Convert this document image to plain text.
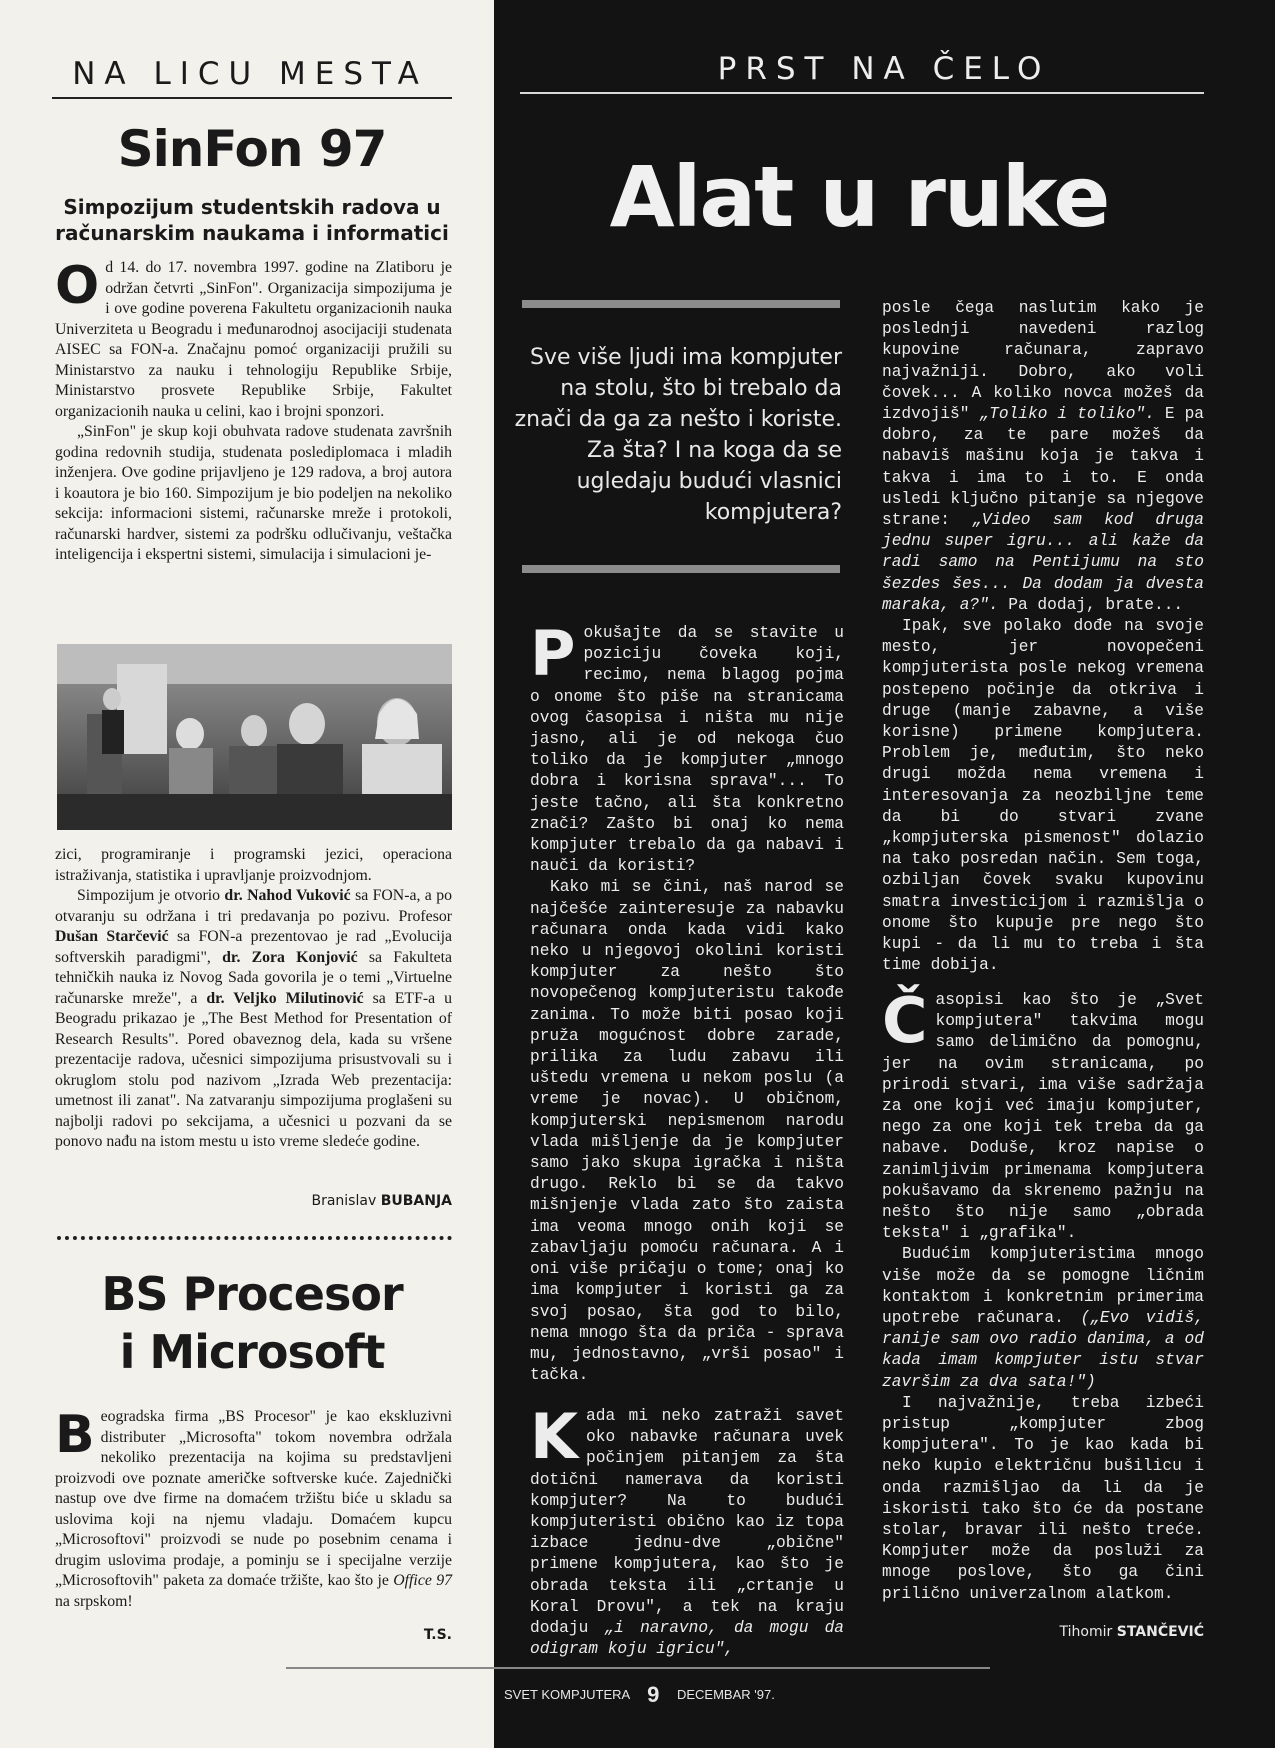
NA LICU MESTA
SinFon 97
Simpozijum studentskih radova u računarskim naukama i informatici

Od 14. do 17. novembra 1997. godine na Zlatiboru je održan četvrti „SinFon". Organizacija simpozijuma je i ove godine poverena Fakultetu organizacionih nauka Univerziteta u Beogradu i međunarodnoj asocijaciji studenata AISEC sa FON-a. Značajnu pomoć organizaciji pružili su Ministarstvo za nauku i tehnologiju Republike Srbije, Ministarstvo prosvete Republike Srbije, Fakultet organizacionih nauka u celini, kao i brojni sponzori.

„SinFon" je skup koji obuhvata radove studenata završnih godina redovnih studija, studenata poslediplomaca i mladih inženjera. Ove godine prijavljeno je 129 radova, a broj autora i koautora je bio 160. Simpozijum je bio podeljen na nekoliko sekcija: informacioni sistemi, računarske mreže i protokoli, računarski hardver, sistemi za podršku odlučivanju, veštačka inteligencija i ekspertni sistemi, simulacija i simulacioni je-

zici, programiranje i programski jezici, operaciona istraživanja, statistika i upravljanje proizvodnjom.

Simpozijum je otvorio dr. Nahod Vuković sa FON-a, a po otvaranju su održana i tri predavanja po pozivu. Profesor Dušan Starčević sa FON-a prezentovao je rad „Evolucija softverskih paradigmi", dr. Zora Konjović sa Fakulteta tehničkih nauka iz Novog Sada govorila je o temi „Virtuelne računarske mreže", a dr. Veljko Milutinović sa ETF-a u Beogradu prikazao je „The Best Method for Presentation of Research Results". Pored obaveznog dela, kada su vršene prezentacije radova, učesnici simpozijuma prisustvovali su i okruglom stolu pod nazivom „Izrada Web prezentacija: umetnost ili zanat". Na zatvaranju simpozijuma proglašeni su najbolji radovi po sekcijama, a učesnici u pozvani da se ponovo nađu na istom mestu u isto vreme sledeće godine.

Branislav BUBANJA
BS Procesor
i Microsoft

Beogradska firma „BS Procesor" je kao ekskluzivni distributer „Microsofta" tokom novembra održala nekoliko prezentacija na kojima su predstavljeni proizvodi ove poznate američke softverske kuće. Zajednički nastup ove dve firme na domaćem tržištu biće u skladu sa uslovima koji na njemu vladaju. Domaćem kupcu „Microsoftovi" proizvodi se nude po posebnim cenama i drugim uslovima prodaje, a pominju se i specijalne verzije „Microsoftovih" paketa za domaće tržište, kao što je Office 97 na srpskom!

T.S.
PRST NA ČELO
Alat u ruke
Sve više ljudi ima kompjuter na stolu, što bi trebalo da znači da ga za nešto i koriste. Za šta? I na koga da se ugledaju budući vlasnici kompjutera?

Pokušajte da se stavite u poziciju čoveka koji, recimo, nema blagog pojma o onome što piše na stranicama ovog časopisa i ništa mu nije jasno, ali je od nekoga čuo toliko da je kompjuter „mnogo dobra i korisna sprava"... To jeste tačno, ali šta konkretno znači? Zašto bi onaj ko nema kompjuter trebalo da ga nabavi i nauči da koristi?

Kako mi se čini, naš narod se najčešće zainteresuje za nabavku računara onda kada vidi kako neko u njegovoj okolini koristi kompjuter za nešto što novopečenog kompjuteristu takođe zanima. To može biti posao koji pruža mogućnost dobre zarade, prilika za ludu zabavu ili uštedu vremena u nekom poslu (a vreme je novac). U običnom, kompjuterski nepismenom narodu vlada mišljenje da je kompjuter samo jako skupa igračka i ništa drugo. Reklo bi se da takvo mišnjenje vlada zato što zaista ima veoma mnogo onih koji se zabavljaju pomoću računara. A i oni više pričaju o tome; onaj ko ima kompjuter i koristi ga za svoj posao, šta god to bilo, nema mnogo šta da priča - sprava mu, jednostavno, „vrši posao" i tačka.

Kada mi neko zatraži savet oko nabavke računara uvek počinjem pitanjem za šta dotični namerava da koristi kompjuter? Na to budući kompjuteristi obično kao iz topa izbace jednu-dve „obične" primene kompjutera, kao što je obrada teksta ili „crtanje u Koral Drovu", a tek na kraju dodaju „i naravno, da mogu da odigram koju igricu",

posle čega naslutim kako je poslednji navedeni razlog kupovine računara, zapravo najvažniji. Dobro, ako voli čovek... A koliko novca možeš da izdvojiš" „Toliko i toliko". E pa dobro, za te pare možeš da nabaviš mašinu koja je takva i takva i ima to i to. E onda usledi ključno pitanje sa njegove strane: „Video sam kod druga jednu super igru... ali kaže da radi samo na Pentijumu na sto šezdes šes... Da dodam ja dvesta maraka, a?". Pa dodaj, brate...

Ipak, sve polako dođe na svoje mesto, jer novopečeni kompjuterista posle nekog vremena postepeno počinje da otkriva i druge (manje zabavne, a više korisne) primene kompjutera. Problem je, međutim, što neko drugi možda nema vremena i interesovanja za neozbiljne teme da bi do stvari zvane „kompjuterska pismenost" dolazio na tako posredan način. Sem toga, ozbiljan čovek svaku kupovinu smatra investicijom i razmišlja o onome što kupuje pre nego što kupi - da li mu to treba i šta time dobija.

Časopisi kao što je „Svet kompjutera" takvima mogu samo delimično da pomognu, jer na ovim stranicama, po prirodi stvari, ima više sadržaja za one koji već imaju kompjuter, nego za one koji tek treba da ga nabave. Doduše, kroz napise o zanimljivim primenama kompjutera pokušavamo da skrenemo pažnju na nešto što nije samo „obrada teksta" i „grafika".

Budućim kompjuteristima mnogo više može da se pomogne ličnim kontaktom i konkretnim primerima upotrebe računara. („Evo vidiš, ranije sam ovo radio danima, a od kada imam kompjuter istu stvar završim za dva sata!")

I najvažnije, treba izbeći pristup „kompjuter zbog kompjutera". To je kao kada bi neko kupio električnu bušilicu i onda razmišljao da li da je iskoristi tako što će da postane stolar, bravar ili nešto treće. Kompjuter može da posluži za mnoge poslove, što ga čini prilično univerzalnom alatkom.

Tihomir STANČEVIĆ
SVET KOMPJUTERA 9 DECEMBAR '97.
